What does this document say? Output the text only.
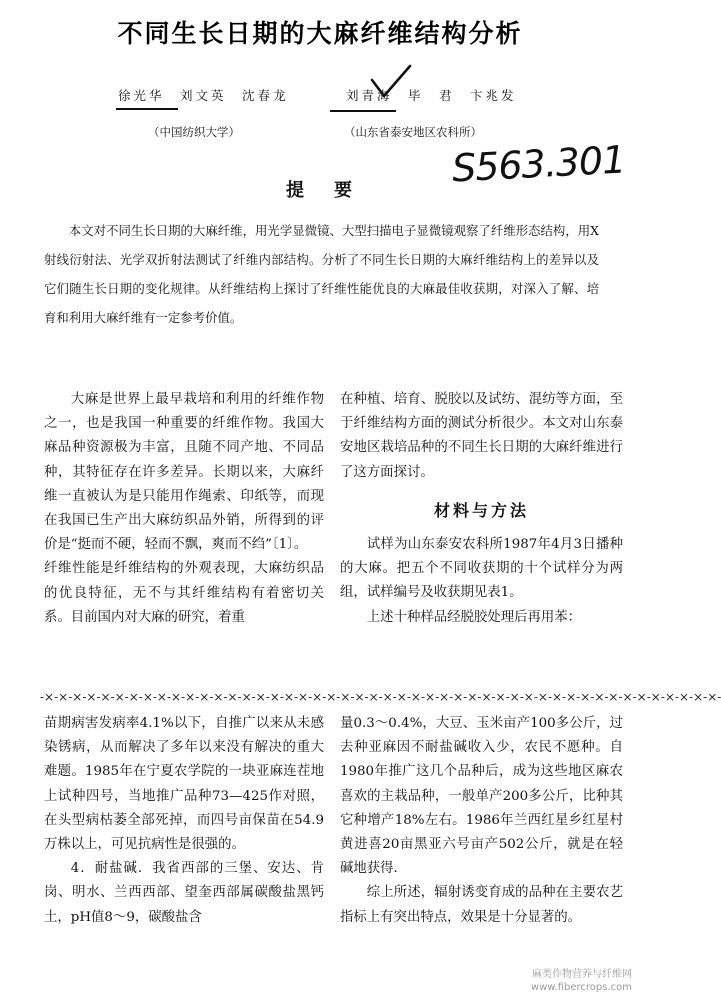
不同生长日期的大麻纤维结构分析
徐光华　刘文英　沈春龙	刘青海　毕　君　卞兆发
（中国纺织大学）	（山东省泰安地区农科所）
提　要 S563.301
本文对不同生长日期的大麻纤维，用光学显微镜、大型扫描电子显微镜观察了纤维形态结构，用X射线衍射法、光学双折射法测试了纤维内部结构。分析了不同生长日期的大麻纤维结构上的差异以及它们随生长日期的变化规律。从纤维结构上探讨了纤维性能优良的大麻最佳收获期，对深入了解、培育和利用大麻纤维有一定参考价值。

大麻是世界上最早栽培和利用的纤维作物之一，也是我国一种重要的纤维作物。我国大麻品种资源极为丰富，且随不同产地、不同品种，其特征存在许多差异。长期以来，大麻纤维一直被认为是只能用作绳索、印纸等，而现在我国已生产出大麻纺织品外销，所得到的评价是“挺而不硬，轻而不飘，爽而不绉”〔1〕。

纤维性能是纤维结构的外观表现，大麻纺织品的优良特征，无不与其纤维结构有着密切关系。目前国内对大麻的研究，着重

在种植、培育、脱胶以及试纺、混纺等方面，至于纤维结构方面的测试分析很少。本文对山东泰安地区栽培品种的不同生长日期的大麻纤维进行了这方面探讨。

材料与方法

试样为山东泰安农科所1987年4月3日播种的大麻。把五个不同收获期的十个试样分为两组，试样编号及收获期见表1。

上述十种样品经脱胶处理后再用苯：

-×-×-×-×-×-×-×-×-×-×-×-×-×-×-×-×-×-×-×-×-×-×-×-×-×-×-×-×-×-×-×-×-×-×-×-×-×-×-×-×-×-×-×-×-×-×-×-×-

苗期病害发病率4.1%以下，自推广以来从未感染锈病，从而解决了多年以来没有解决的重大难题。1985年在宁夏农学院的一块亚麻连茬地上试种四号，当地推广品种73—425作对照，在头型病枯萎全部死掉，而四号亩保苗在54.9万株以上，可见抗病性是很强的。

4．耐盐碱．我省西部的三堡、安达、肯岗、明水、兰西西部、望奎西部属碳酸盐黑钙土，pH值8～9，碳酸盐含

量0.3～0.4%，大豆、玉米亩产100多公斤，过去种亚麻因不耐盐碱收入少，农民不愿种。自1980年推广这几个品种后，成为这些地区麻农喜欢的主栽品种，一般单产200多公斤，比种其它种增产18%左右。1986年兰西红星乡红星村黄进喜20亩黑亚六号亩产502公斤，就是在轻碱地获得．

综上所述，辐射诱变育成的品种在主要农艺指标上有突出特点，效果是十分显著的。

麻类作物营养与纤维网
www.fibercrops.com
